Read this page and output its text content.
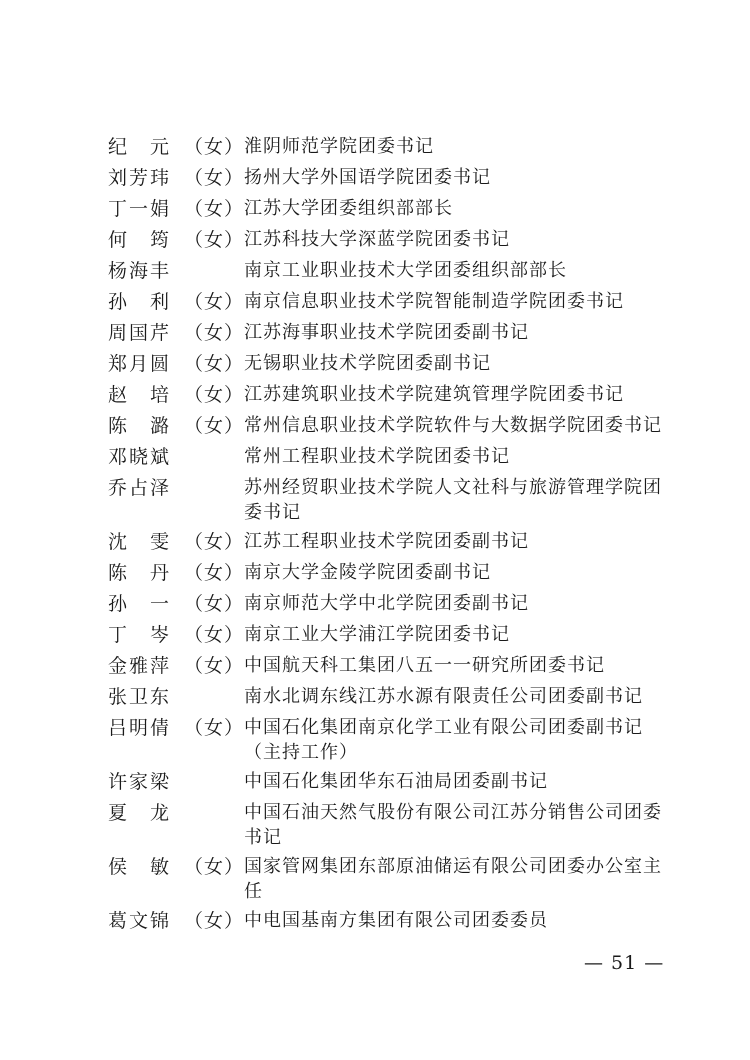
纪　元 （女） 淮阴师范学院团委书记
刘芳玮 （女） 扬州大学外国语学院团委书记
丁一娟 （女） 江苏大学团委组织部部长
何　筠 （女） 江苏科技大学深蓝学院团委书记
杨海丰	南京工业职业技术大学团委组织部部长
孙　利 （女） 南京信息职业技术学院智能制造学院团委书记
周国芹 （女） 江苏海事职业技术学院团委副书记
郑月圆 （女） 无锡职业技术学院团委副书记
赵　培 （女） 江苏建筑职业技术学院建筑管理学院团委书记
陈　潞 （女） 常州信息职业技术学院软件与大数据学院团委书记
邓晓斌	常州工程职业技术学院团委书记
乔占泽	苏州经贸职业技术学院人文社科与旅游管理学院团委书记
沈　雯 （女） 江苏工程职业技术学院团委副书记
陈　丹 （女） 南京大学金陵学院团委副书记
孙　一 （女） 南京师范大学中北学院团委副书记
丁　岑 （女） 南京工业大学浦江学院团委书记
金雅萍 （女） 中国航天科工集团八五一一研究所团委书记
张卫东	南水北调东线江苏水源有限责任公司团委副书记
吕明倩 （女） 中国石化集团南京化学工业有限公司团委副书记（主持工作）
许家梁	中国石化集团华东石油局团委副书记
夏　龙	中国石油天然气股份有限公司江苏分销售公司团委书记
侯　敏 （女） 国家管网集团东部原油储运有限公司团委办公室主任
葛文锦 （女） 中电国基南方集团有限公司团委委员
— 51 —
